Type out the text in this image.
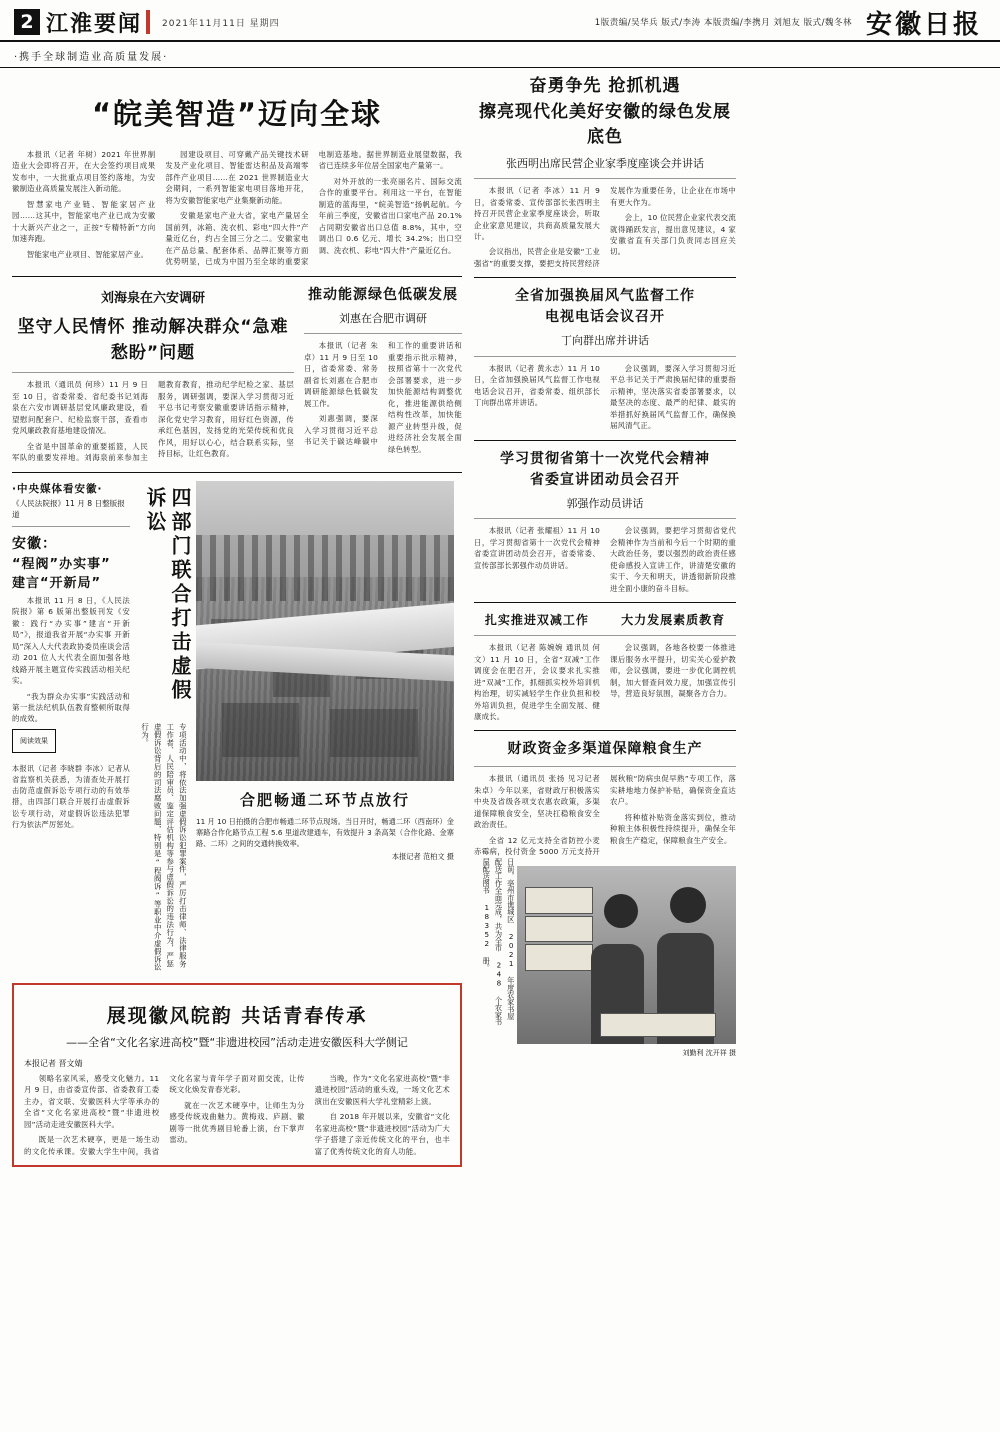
2 江淮要闻 2021年11月11日 星期四	1版责编/吴华兵 版式/李涛 本版责编/李携月 刘旭友 版式/魏冬林 安徽日报
·携手全球制造业高质量发展·
“皖美智造”迈向全球

本报讯（记者 年树）2021 年世界制造业大会即将召开，在大会签约项目成果发布中，一大批重点项目签约落地，为安徽制造业高质量发展注入新动能。

智慧家电产业链、智能家居产业园……这其中，智能家电产业已成为安徽十大新兴产业之一，正按“专精特新”方向加速奔跑。

智能家电产业项目、智能家居产业。

园建设项目、可穿戴产品关键技术研发及产业化项目、智能雷达积品及高端零部件产业项目……在 2021 世界制造业大会期间，一系列智能家电项目落地开花，将为安徽智能家电产业集聚新动能。

安徽是家电产业大省，家电产量居全国前列，冰箱、洗衣机、彩电“四大件”产量近亿台，约占全国三分之二。安徽家电在产品总量、配套体系、品牌汇聚等方面优势明显，已成为中国乃至全球的重要家电制造基地。据世界制造业展望数据，我省已连续多年位居全国家电产量第一。

对外开放的一张亮丽名片、国际交流合作的重要平台。利用这一平台，在智能制造的蓝海里，“皖美智造”扬帆起航。今年前三季度，安徽省出口家电产品 20.1% 占同期安徽省出口总值 8.8%，其中，空调出口 0.6 亿元、增长 34.2%；出口空调、洗衣机、彩电“四大件”产量近亿台。

刘海泉在六安调研
坚守人民情怀 推动解决群众“急难愁盼”问题

本报讯（通讯员 何珍）11 月 9 日至 10 日，省委常委、省纪委书记刘海泉在六安市调研基层党风廉政建设，看望慰问配套户、纪检监察干部，查看市党风廉政教育基地建设情况。

全省是中国革命的重要摇篮，人民军队的重要发祥地。刘海泉前来参加主题教育教育，推动纪学纪检之家、基层服务，调研强调，要深入学习贯彻习近平总书记考察安徽重要讲话指示精神，深化党史学习教育，用好红色资源，传承红色基因，发扬党的光荣传统和优良作风，用好以心心，结合联系实际，坚持目标，让红色教育。

推动能源绿色低碳发展
刘惠在合肥市调研

本报讯（记者 朱卓）11 月 9 日至 10 日，省委常委、常务副省长刘惠在合肥市调研能源绿色低碳发展工作。

刘惠强调，要深入学习贯彻习近平总书记关于碳达峰碳中和工作的重要讲话和重要指示批示精神，按照省第十一次党代会部署要求，进一步加快能源结构调整优化，推进能源供给侧结构性改革，加快能源产业转型升级，促进经济社会发展全面绿色转型。

·中央媒体看安徽·
《人民法院报》11 月 8 日整版报道
安徽：
“程阀”办实事” 建言“开新局”

本报讯 11 月 8 日，《人民法院报》第 6 版第出整版刊发《安徽：践行“办实事”建言“开新局”》，报道我省开展“办实事 开新局”深入人大代表政协委员座谈会活动 201 位人大代表全面加强各地线路开展主题宣传实践活动相关纪实。

“我为群众办实事”实践活动和第一批法纪机队伍教育整顿所取得的成效。

阅读效果
本报讯（记者 李晓群 李冰）记者从省监察机关获悉，为清查处开展打击防范虚假诉讼专项行动的有效举措，由四部门联合开展打击虚假诉讼专项行动，对虚假诉讼违法犯罪行为依法严厉惩处。
四部门联合打击虚假诉讼
专项活动中，将依法加强虚假诉讼犯罪案件，严厉打击律师、法律服务工作者、人民陪审员、鉴定评估机构等参与虚假诉讼的违法行为，严惩虚假诉讼背后的司法腐败问题，特别是“程阀诉”等职业中介虚假诉讼行为。
合肥畅通二环节点放行
11 月 10 日拍摄的合肥市畅通二环节点现场。当日开时，畅通二环（西南环）金寨路合作化路节点工程 5.6 里道改建通车，有效提升 3 条高架（合作化路、金寨路、二环）之间的交通转换效率。
本报记者 范柏文 摄
展现徽风皖韵 共话青春传承
——全省“文化名家进高校”暨“非遗进校园”活动走进安徽医科大学侧记
本报记者 晋文婧

领略名家风采，感受文化魅力。11 月 9 日，由省委宣传部、省委教育工委主办，省文联、安徽医科大学等承办的全省“文化名家进高校”暨“非遗进校园”活动走进安徽医科大学。

既是一次艺术硬享，更是一场生动的文化传承课。安徽大学生中间，我省文化名家与青年学子面对面交流，让传统文化焕发青春光彩。

就在一次艺术硬享中，让师生为分感受传统戏曲魅力。黄梅戏、庐剧、徽剧等一批优秀剧目轮番上演，台下掌声雷动。

当晚，作为“文化名家进高校”暨“非遗进校园”活动的重头戏，一场文化艺术演出在安徽医科大学礼堂精彩上演。

自 2018 年开展以来，安徽省“文化名家进高校”暨“非遗进校园”活动为广大学子搭建了亲近传统文化的平台，也丰富了优秀传统文化的育人功能。

奋勇争先 抢抓机遇
擦亮现代化美好安徽的绿色发展底色
张西明出席民营企业家季度座谈会并讲话

本报讯（记者 李冰）11 月 9 日，省委常委、宣传部部长张西明主持召开民营企业家季度座谈会，听取企业家意见建议，共商高质量发展大计。

会议指出，民营企业是安徽“工业强省”的重要支撑，要把支持民营经济发展作为重要任务，让企业在市场中有更大作为。

会上，10 位民营企业家代表交流就得踊跃发言，提出意见建议，4 家安徽省直有关部门负责同志回应关切。

全省加强换届风气监督工作
电视电话会议召开
丁向群出席并讲话

本报讯（记者 黄永志）11 月 10 日，全省加强换届风气监督工作电视电话会议召开，省委常委、组织部长丁向群出席并讲话。

会议强调，要深入学习贯彻习近平总书记关于严肃换届纪律的重要指示精神，坚决落实省委部署要求，以最坚决的态度、最严的纪律、最实的举措抓好换届风气监督工作，确保换届风清气正。

学习贯彻省第十一次党代会精神
省委宣讲团动员会召开
郭强作动员讲话

本报讯（记者 张耀祖）11 月 10 日，学习贯彻省第十一次党代会精神省委宣讲团动员会召开，省委常委、宣传部部长郭强作动员讲话。

会议强调，要把学习贯彻省党代会精神作为当前和今后一个时期的重大政治任务，要以强烈的政治责任感使命感投入宣讲工作，讲清楚安徽的实干、今天和明天，讲透彻新阶段推进全面小康的奋斗目标。

扎实推进双减工作	大力发展素质教育

本报讯（记者 陈婉婉 通讯员 何文）11 月 10 日，全省“双减”工作调度会在肥召开，会议要求扎实推进“双减”工作，抓细抓实校外培训机构治理，切实减轻学生作业负担和校外培训负担，促进学生全面发展、健康成长。

会议强调，各地各校要一体推进课后服务水平提升，切实关心爱护教师，会议强调，要进一步优化调控机制，加大督查问效力度，加强宣传引导，营造良好氛围，凝聚各方合力。

财政资金多渠道保障粮食生产

本报讯（通讯员 张扬 见习记者 朱卓）今年以来，省财政厅积极落实中央及省级各项支农惠农政策，多渠道保障粮食安全，坚决扛稳粮食安全政治责任。

全省 12 亿元支持全省防控小麦赤霉病，投付资金 5000 万元支持开展秋粮“防病虫促早熟”专项工作，落实耕地地力保护补贴，确保资金直达农户。

将种植补贴资金落实到位，推动种粮主体积极性持续提升，确保全年粮食生产稳定，保障粮食生产安全。

日前，亳州市谯城区 2021 年度农家书屋配送工作全面完成，共为全市 248 个农家书屋配送图书 18352 册。
刘勤利 沈开祥 摄
